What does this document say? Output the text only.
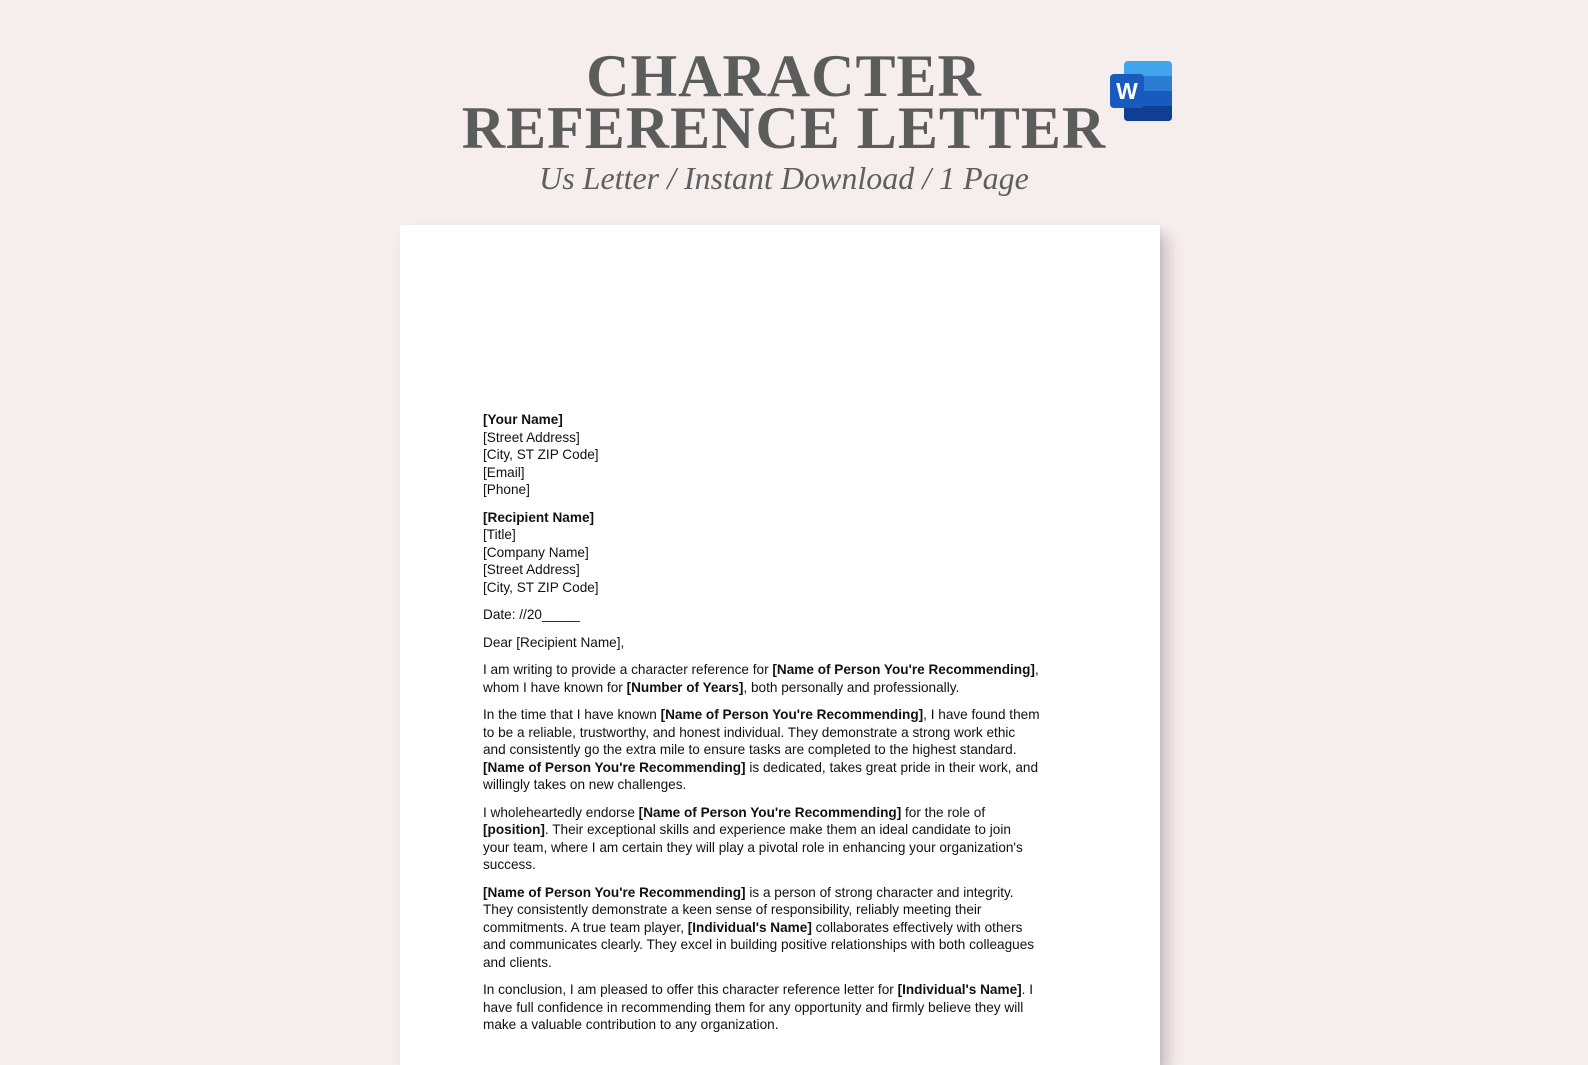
CHARACTER
REFERENCE LETTER
Us Letter / Instant Download / 1 Page
W
[Your Name]
[Street Address]
[City, ST ZIP Code]
[Email]
[Phone]
[Recipient Name]
[Title]
[Company Name]
[Street Address]
[City, ST ZIP Code]

Date: /​/20_____

Dear [Recipient Name],

I am writing to provide a character reference for [Name of Person You're Recommending],
whom I have known for [Number of Years], both personally and professionally.

In the time that I have known [Name of Person You're Recommending], I have found them
to be a reliable, trustworthy, and honest individual. They demonstrate a strong work ethic
and consistently go the extra mile to ensure tasks are completed to the highest standard.
[Name of Person You're Recommending] is dedicated, takes great pride in their work, and
willingly takes on new challenges.

I wholeheartedly endorse [Name of Person You're Recommending] for the role of
[position]. Their exceptional skills and experience make them an ideal candidate to join
your team, where I am certain they will play a pivotal role in enhancing your organization's
success.

[Name of Person You're Recommending] is a person of strong character and integrity.
They consistently demonstrate a keen sense of responsibility, reliably meeting their
commitments. A true team player, [Individual's Name] collaborates effectively with others
and communicates clearly. They excel in building positive relationships with both colleagues
and clients.

In conclusion, I am pleased to offer this character reference letter for [Individual's Name]. I
have full confidence in recommending them for any opportunity and firmly believe they will
make a valuable contribution to any organization.
